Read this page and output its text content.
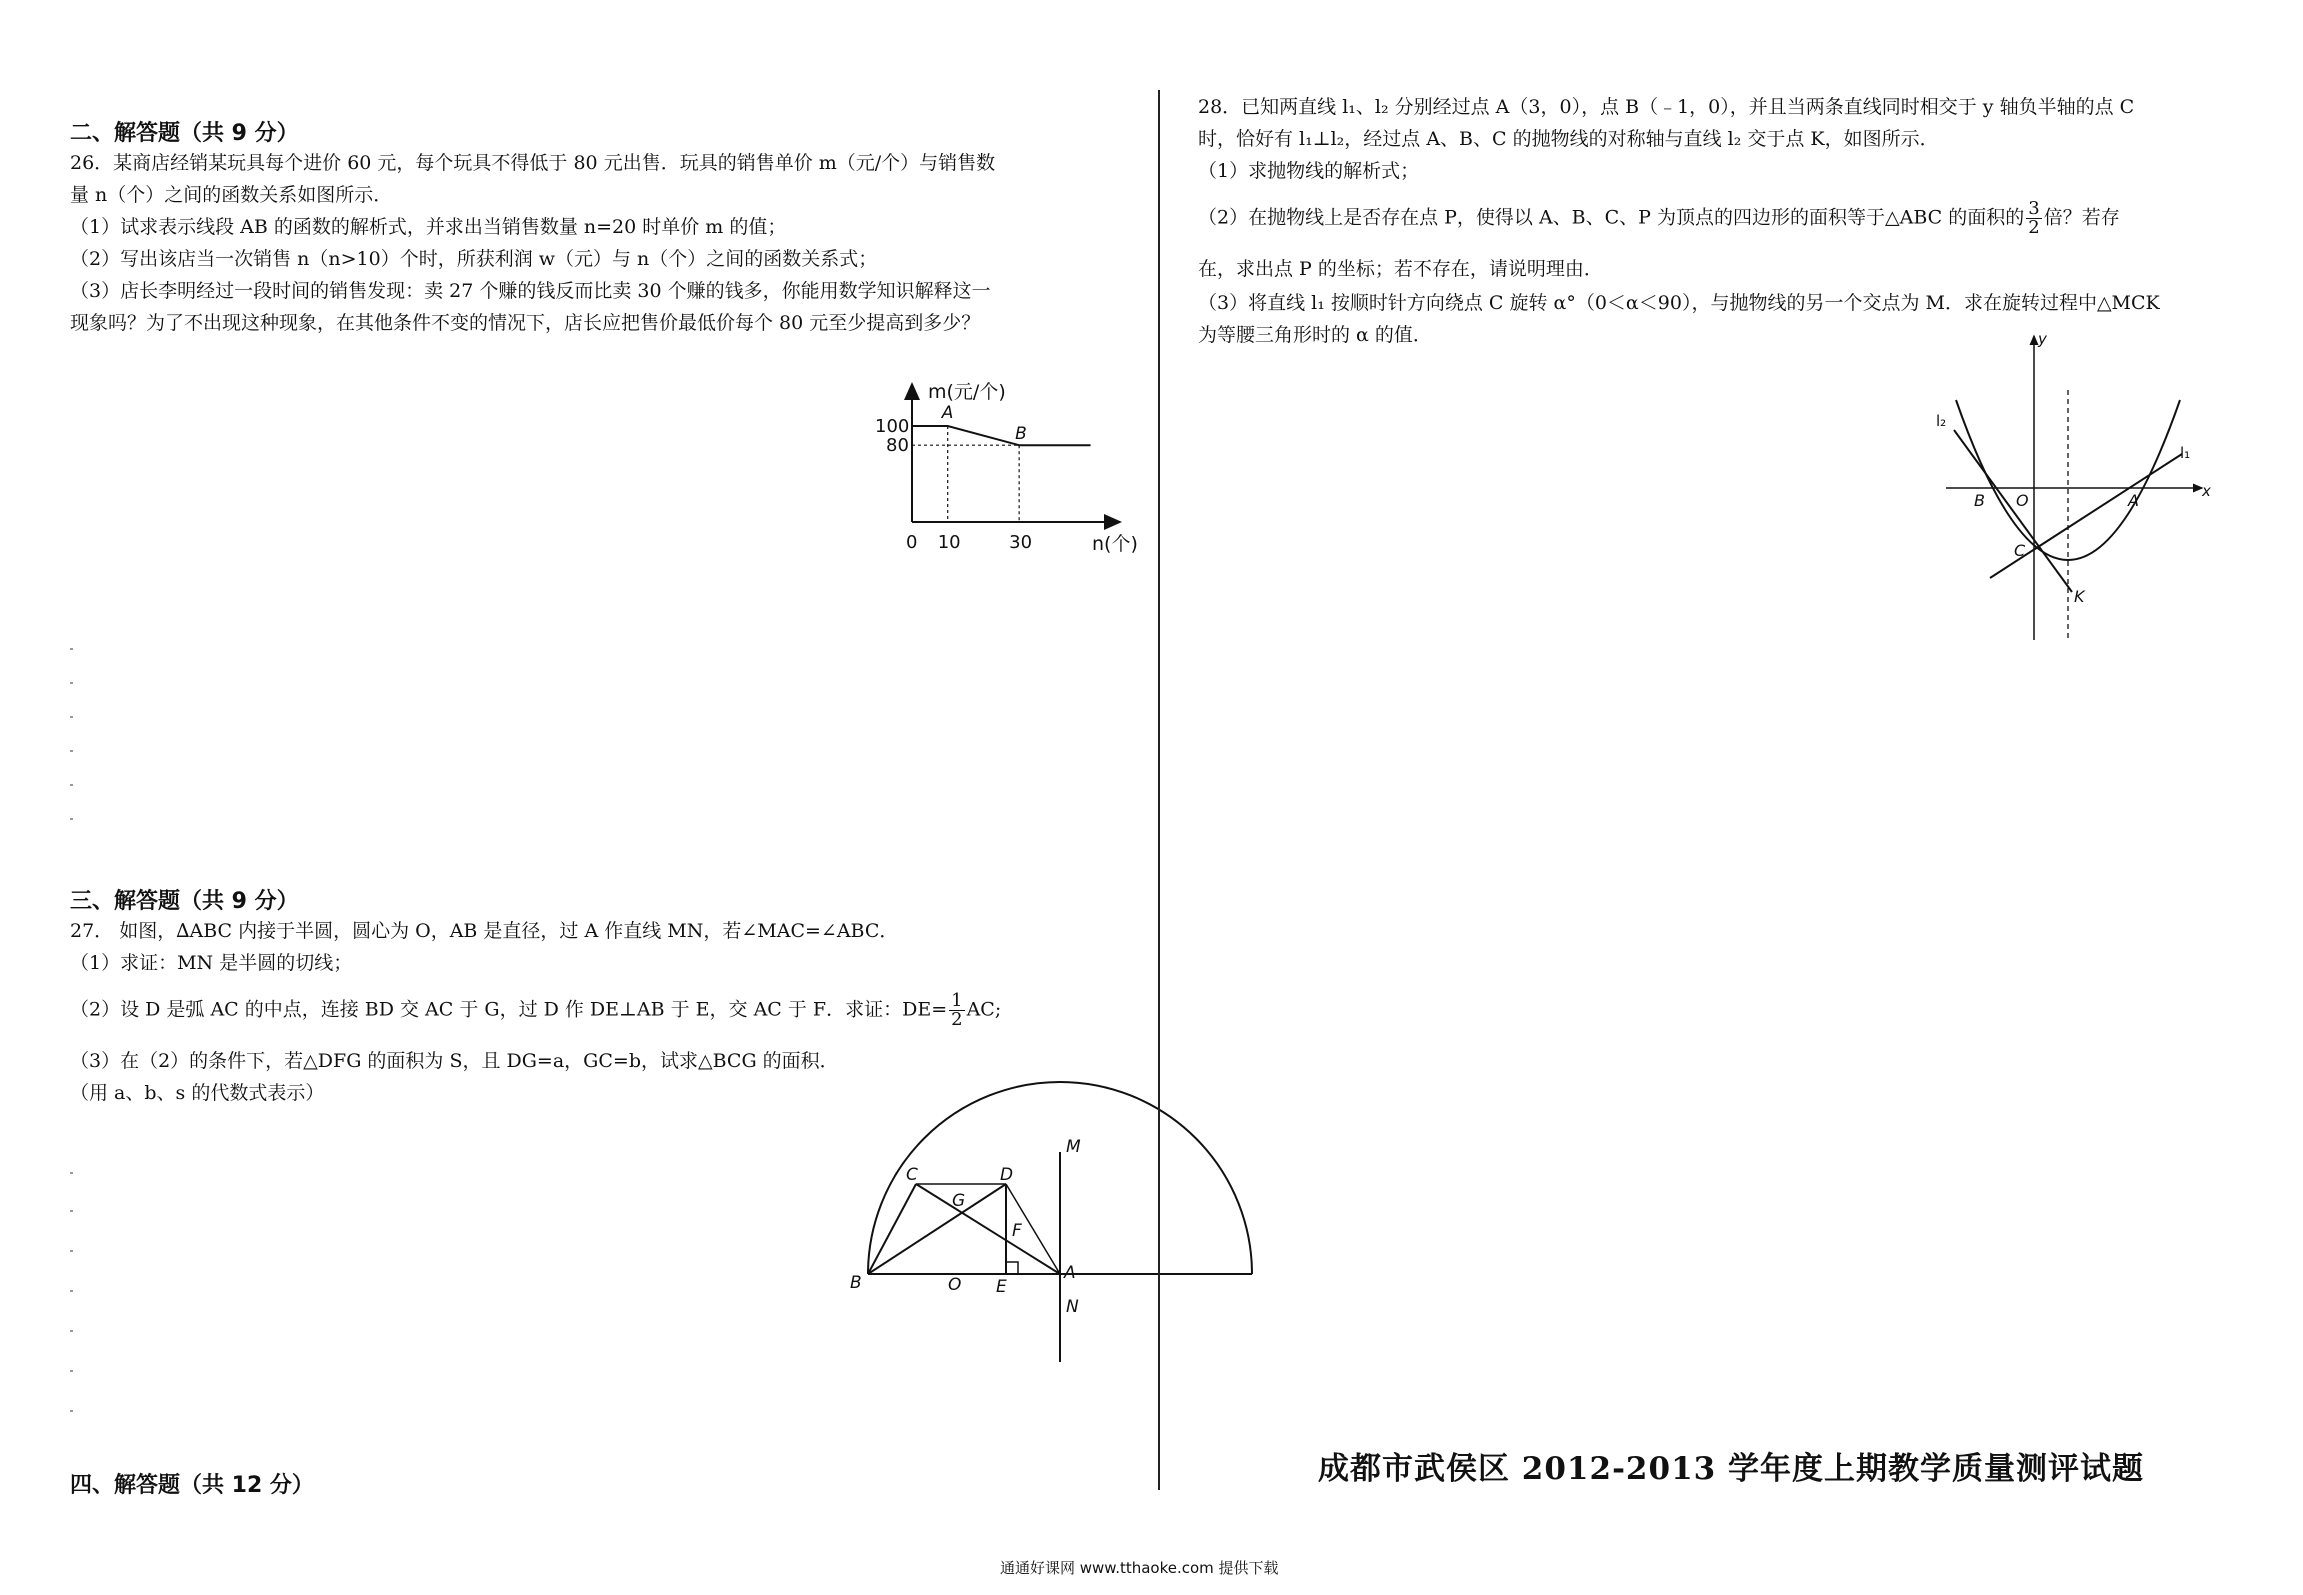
二、解答题（共 9 分）
26．某商店经销某玩具每个进价 60 元，每个玩具不得低于 80 元出售．玩具的销售单价 m（元/个）与销售数
量 n（个）之间的函数关系如图所示．
（1）试求表示线段 AB 的函数的解析式，并求出当销售数量 n=20 时单价 m 的值；
（2）写出该店当一次销售 n（n>10）个时，所获利润 w（元）与 n（个）之间的函数关系式；
（3）店长李明经过一段时间的销售发现：卖 27 个赚的钱反而比卖 30 个赚的钱多，你能用数学知识解释这一
现象吗？为了不出现这种现象，在其他条件不变的情况下，店长应把售价最低价每个 80 元至少提高到多少？
三、解答题（共 9 分）
27． 如图，∆ABC 内接于半圆，圆心为 O，AB 是直径，过 A 作直线 MN，若∠MAC=∠ABC．
（1）求证：MN 是半圆的切线；
（2）设 D 是弧 AC 的中点，连接 BD 交 AC 于 G，过 D 作 DE⊥AB 于 E，交 AC 于 F．求证：$DE= \frac{1}{2}$ AC;
（3）在（2）的条件下，若△DFG 的面积为 S，且 DG=a，GC=b，试求△BCG 的面积．
（用 a、b、s 的代数式表示）
四、解答题（共 12 分）
A
B
0 10	30
100
80
m(元/个)
n(个)
M
N
A
B
C	D
G
F
O E
28．已知两直线 l₁、l₂ 分别经过点 A（3，0），点 B（﹣1，0），并且当两条直线同时相交于 y 轴负半轴的点 C
时，恰好有 l₁⊥l₂，经过点 A、B、C 的抛物线的对称轴与直线 l₂ 交于点 K，如图所示．
（1）求抛物线的解析式；
（2）在抛物线上是否存在点 P，使得以 A、B、C、P 为顶点的四边形的面积等于△ABC 的面积的 $\frac{3}{2}$ 倍？若存
在，求出点 P 的坐标；若不存在，请说明理由．
（3）将直线 l₁ 按顺时针方向绕点 C 旋转 α°（0＜α＜90），与抛物线的另一个交点为 M．求在旋转过程中△MCK
为等腰三角形时的 α 的值．	y
x
l₁
l₂
B O	A
C
K
成都市武侯区 2012-2013 学年度上期教学质量测评试题
通通好课网 www.tthaoke.com 提供下载
